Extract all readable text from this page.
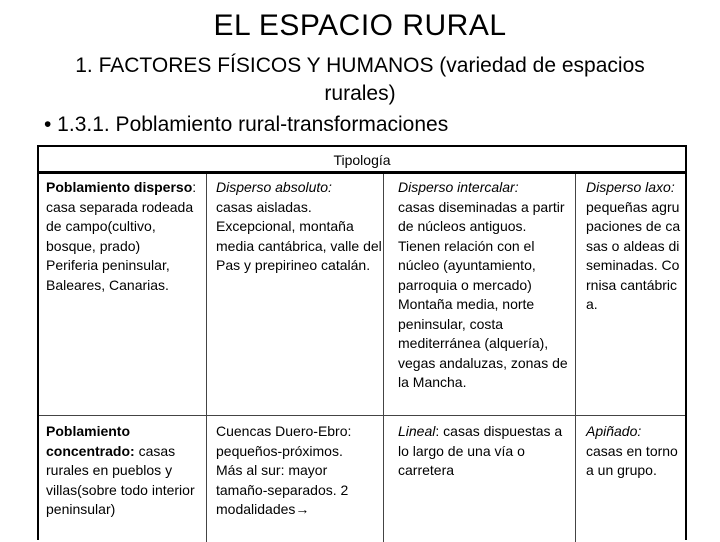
EL ESPACIO RURAL
1. FACTORES FÍSICOS Y HUMANOS (variedad de espacios rurales)
• 1.3.1. Poblamiento rural-transformaciones
Tipología

Poblamiento disperso: casa separada rodeada de campo(cultivo, bosque, prado)

Periferia peninsular, Baleares, Canarias.

Disperso absoluto:

casas aisladas. Excepcional, montaña media cantábrica, valle del Pas y prepirineo catalán.

Disperso intercalar:

casas diseminadas a partir de núcleos antiguos.

Tienen relación con el núcleo (ayuntamiento, parroquia o mercado)

Montaña media, norte peninsular, costa mediterránea (alquería), vegas andaluzas, zonas de la Mancha.

Disperso laxo:

pequeñas agrupaciones de casas o aldeas diseminadas. Cornisa cantábrica.

Poblamiento concentrado: casas rurales en pueblos y villas(sobre todo interior peninsular)

Cuencas Duero-Ebro: pequeños-próximos.

Más al sur: mayor tamaño-separados. 2 modalidades→

Lineal: casas dispuestas a lo largo de una vía o carretera

Apiñado:

casas en torno a un grupo.
